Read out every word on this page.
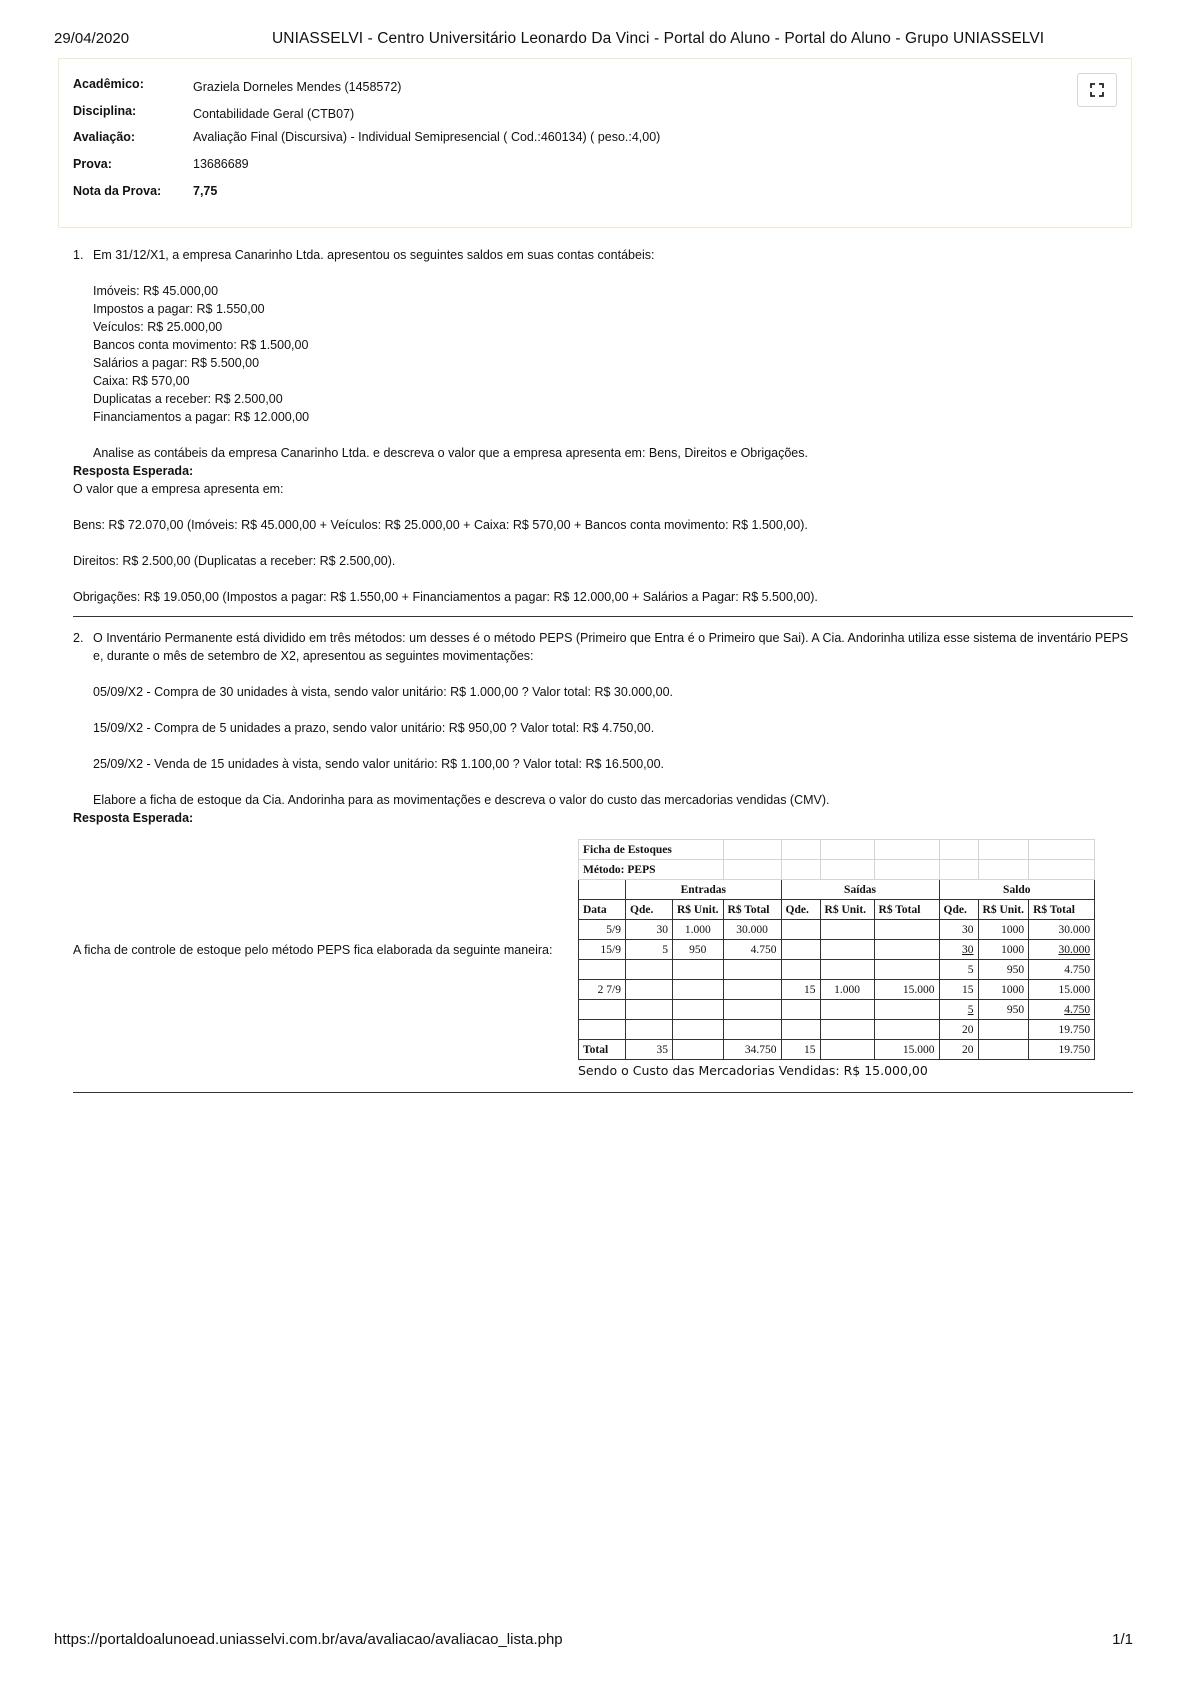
29/04/2020	UNIASSELVI - Centro Universitário Leonardo Da Vinci - Portal do Aluno - Portal do Aluno - Grupo UNIASSELVI
Acadêmico:	Graziela Dorneles Mendes (1458572)
Disciplina:	Contabilidade Geral (CTB07)
Avaliação:	Avaliação Final (Discursiva) - Individual Semipresencial ( Cod.:460134) ( peso.:4,00)
Prova:	13686689
Nota da Prova:	7,75
1. Em 31/12/X1, a empresa Canarinho Ltda. apresentou os seguintes saldos em suas contas contábeis:

Imóveis: R$ 45.000,00

Impostos a pagar: R$ 1.550,00

Veículos: R$ 25.000,00

Bancos conta movimento: R$ 1.500,00

Salários a pagar: R$ 5.500,00

Caixa: R$ 570,00

Duplicatas a receber: R$ 2.500,00

Financiamentos a pagar: R$ 12.000,00

Analise as contábeis da empresa Canarinho Ltda. e descreva o valor que a empresa apresenta em: Bens, Direitos e Obrigações.

Resposta Esperada:

O valor que a empresa apresenta em:

Bens: R$ 72.070,00 (Imóveis: R$ 45.000,00 + Veículos: R$ 25.000,00 + Caixa: R$ 570,00 + Bancos conta movimento: R$ 1.500,00).

Direitos: R$ 2.500,00 (Duplicatas a receber: R$ 2.500,00).

Obrigações: R$ 19.050,00 (Impostos a pagar: R$ 1.550,00 + Financiamentos a pagar: R$ 12.000,00 + Salários a Pagar: R$ 5.500,00).

2. O Inventário Permanente está dividido em três métodos: um desses é o método PEPS (Primeiro que Entra é o Primeiro que Sai). A Cia. Andorinha utiliza esse sistema de inventário PEPS e, durante o mês de setembro de X2, apresentou as seguintes movimentações:

05/09/X2 - Compra de 30 unidades à vista, sendo valor unitário: R$ 1.000,00 ? Valor total: R$ 30.000,00.

15/09/X2 - Compra de 5 unidades a prazo, sendo valor unitário: R$ 950,00 ? Valor total: R$ 4.750,00.

25/09/X2 - Venda de 15 unidades à vista, sendo valor unitário: R$ 1.100,00 ? Valor total: R$ 16.500,00.

Elabore a ficha de estoque da Cia. Andorinha para as movimentações e descreva o valor do custo das mercadorias vendidas (CMV).

Resposta Esperada:

A ficha de controle de estoque pelo método PEPS fica elaborada da seguinte maneira:
Ficha de Estoques									
Método: PEPS									
	Entradas			Saídas			Saldo		
Data	Qde.	R$ Unit.	R$ Total	Qde.	R$ Unit.	R$ Total	Qde.	R$ Unit.	R$ Total
5/9	30	1.000	30.000				30	1000	30.000
15/9	5	950	4.750				30	1000	30.000
							5	950	4.750
2 7/9				15	1.000	15.000	15	1000	15.000
							5	950	4.750
							20		19.750
Total	35		34.750	15		15.000	20		19.750
Sendo o Custo das Mercadorias Vendidas: R$ 15.000,00
https://portaldoalunoead.uniasselvi.com.br/ava/avaliacao/avaliacao_lista.php	1/1
